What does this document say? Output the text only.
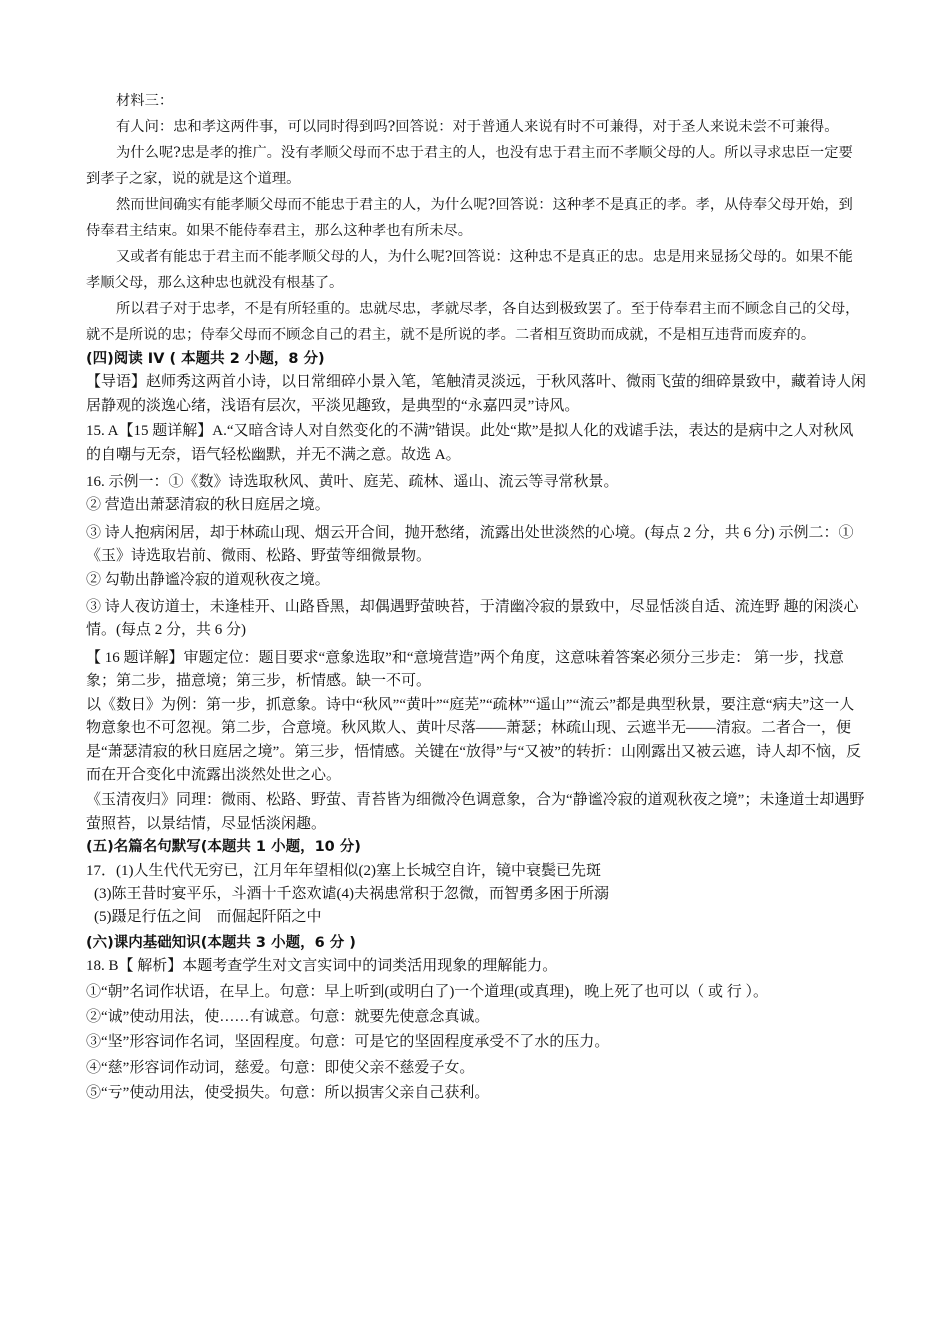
材料三：

有人问：忠和孝这两件事，可以同时得到吗?回答说：对于普通人来说有时不可兼得，对于圣人来说未尝不可兼得。

为什么呢?忠是孝的推广。没有孝顺父母而不忠于君主的人，也没有忠于君主而不孝顺父母的人。所以寻求忠臣一定要到孝子之家，说的就是这个道理。

然而世间确实有能孝顺父母而不能忠于君主的人，为什么呢?回答说：这种孝不是真正的孝。孝，从侍奉父母开始，到侍奉君主结束。如果不能侍奉君主，那么这种孝也有所未尽。

又或者有能忠于君主而不能孝顺父母的人，为什么呢?回答说：这种忠不是真正的忠。忠是用来显扬父母的。如果不能孝顺父母，那么这种忠也就没有根基了。

所以君子对于忠孝，不是有所轻重的。忠就尽忠，孝就尽孝，各自达到极致罢了。至于侍奉君主而不顾念自己的父母，就不是所说的忠；侍奉父母而不顾念自己的君主，就不是所说的孝。二者相互资助而成就，不是相互违背而废弃的。

(四)阅读 IV ( 本题共 2 小题，8 分)

【导语】赵师秀这两首小诗，以日常细碎小景入笔，笔触清灵淡远，于秋风落叶、微雨飞萤的细碎景致中，藏着诗人闲居静观的淡逸心绪，浅语有层次，平淡见趣致，是典型的“永嘉四灵”诗风。

15. A【15 题详解】A.“又暗含诗人对自然变化的不满”错误。此处“欺”是拟人化的戏谑手法，表达的是病中之人对秋风的自嘲与无奈，语气轻松幽默，并无不满之意。故选 A。

16. 示例一：①《数》诗选取秋风、黄叶、庭芜、疏林、遥山、流云等寻常秋景。

② 营造出萧瑟清寂的秋日庭居之境。

③ 诗人抱病闲居，却于林疏山现、烟云开合间，抛开愁绪，流露出处世淡然的心境。(每点 2 分，共 6 分) 示例二：①《玉》诗选取岩前、微雨、松路、野萤等细微景物。

② 勾勒出静谧冷寂的道观秋夜之境。

③ 诗人夜访道士，未逢桂开、山路昏黑，却偶遇野萤映苔，于清幽冷寂的景致中，尽显恬淡自适、流连野 趣的闲淡心情。(每点 2 分，共 6 分)

【 16 题详解】审题定位：题目要求“意象选取”和“意境营造”两个角度，这意味着答案必须分三步走： 第一步，找意象；第二步，描意境；第三步，析情感。缺一不可。

以《数日》为例：第一步，抓意象。诗中“秋风”“黄叶”“庭芜”“疏林”“遥山”“流云”都是典型秋景，要注意“病夫”这一人物意象也不可忽视。第二步，合意境。秋风欺人、黄叶尽落——萧瑟；林疏山现、云遮半无——清寂。二者合一，便是“萧瑟清寂的秋日庭居之境”。第三步，悟情感。关键在“放得”与“又被”的转折：山刚露出又被云遮，诗人却不恼，反而在开合变化中流露出淡然处世之心。

《玉清夜归》同理：微雨、松路、野萤、青苔皆为细微冷色调意象，合为“静谧冷寂的道观秋夜之境”；未逢道士却遇野萤照苔，以景结情，尽显恬淡闲趣。

(五)名篇名句默写(本题共 1 小题，10 分)

17．(1)人生代代无穷已，江月年年望相似(2)塞上长城空自许，镜中衰鬓已先斑

(3)陈王昔时宴平乐，斗酒十千恣欢谑(4)夫祸患常积于忽微，而智勇多困于所溺

(5)蹑足行伍之间　而倔起阡陌之中

(六)课内基础知识(本题共 3 小题，6 分 )

18. B【 解析】本题考查学生对文言实词中的词类活用现象的理解能力。

①“朝”名词作状语，在早上。句意：早上听到(或明白了)一个道理(或真理)，晚上死了也可以（ 或 行 ）。

②“诚”使动用法，使……有诚意。句意：就要先使意念真诚。

③“坚”形容词作名词，坚固程度。句意：可是它的坚固程度承受不了水的压力。

④“慈”形容词作动词，慈爱。句意：即使父亲不慈爱子女。

⑤“亏”使动用法，使受损失。句意：所以损害父亲自己获利。
